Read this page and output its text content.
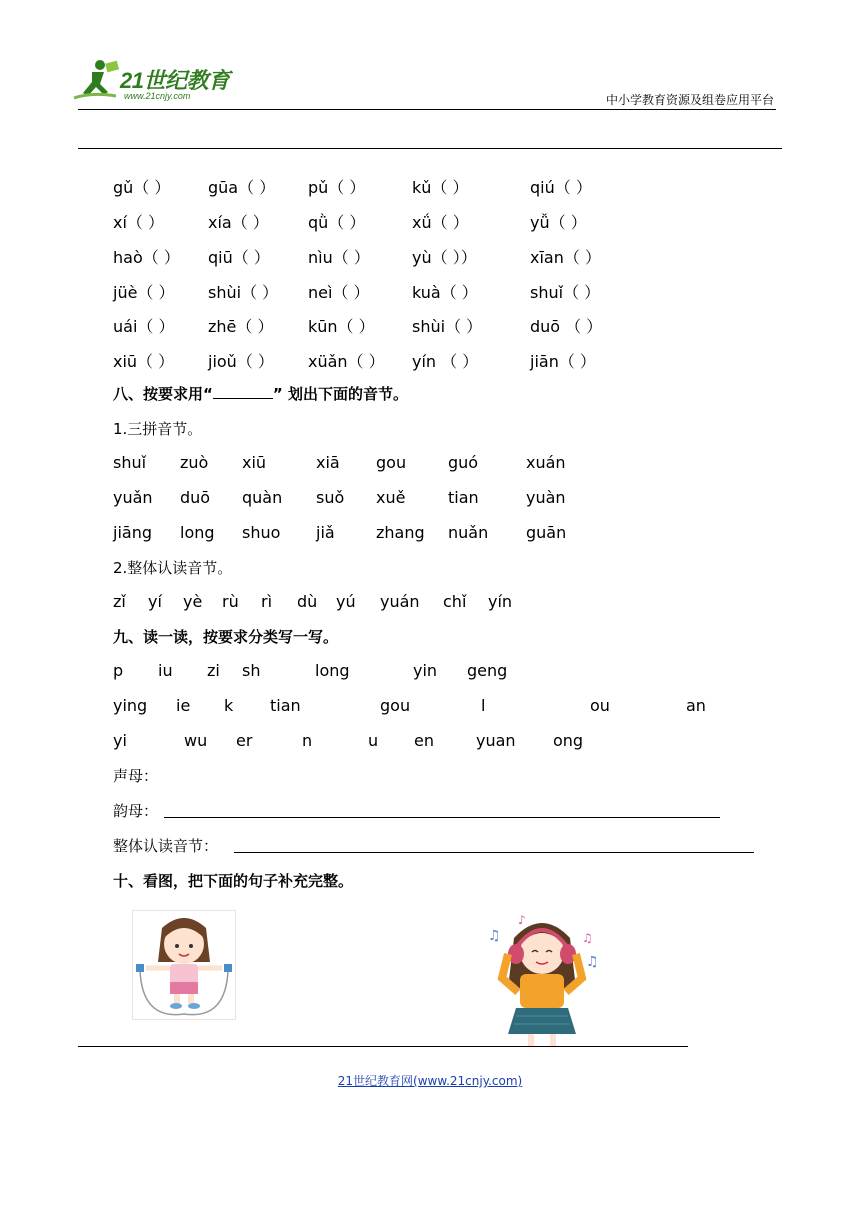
21世纪教育
www.21cnjy.com	中小学教育资源及组卷应用平台
gǔ（ ） gūa（ ） pǔ（ ）	kǔ（ ）	qiú（ ）
xí（ ）	xía（ ） qǜ（ ）	xǘ（ ）	yǚ（ ）
haò（ ） qiū（ ） nìu（ ）	yù（ ））	xīan（ ）
jüè（ ） shùi（ ） neì（ ）	kuà（ ）	shuǐ（ ）
uái（ ） zhē（ ） kūn（ ） shùi（ ）	duō （ ）
xiū（ ） jioǔ（ ） xüǎn（ ） yín （ ）	jiān（ ）
八、按要求用“	” 划出下面的音节。
1.三拼音节。
shuǐ zuò xiū	xiā gou	guó	xuán
yuǎn duō quàn suǒ xuě	tian	yuàn
jiāng long shuo jiǎ	zhang nuǎn guān
2.整体认读音节。
zǐ yí yè rù rì dù yú yuán chǐ yín
九、读一读，按要求分类写一写。
p iu zi sh	long	yin geng
ying ie k tian	gou	l	ou	an
yi	wu er	n	u en	yuan ong
声母：
韵母：
整体认读音节：
十、看图，把下面的句子补充完整。
♫
♪
♫
♫
21世纪教育网(www.21cnjy.com)
